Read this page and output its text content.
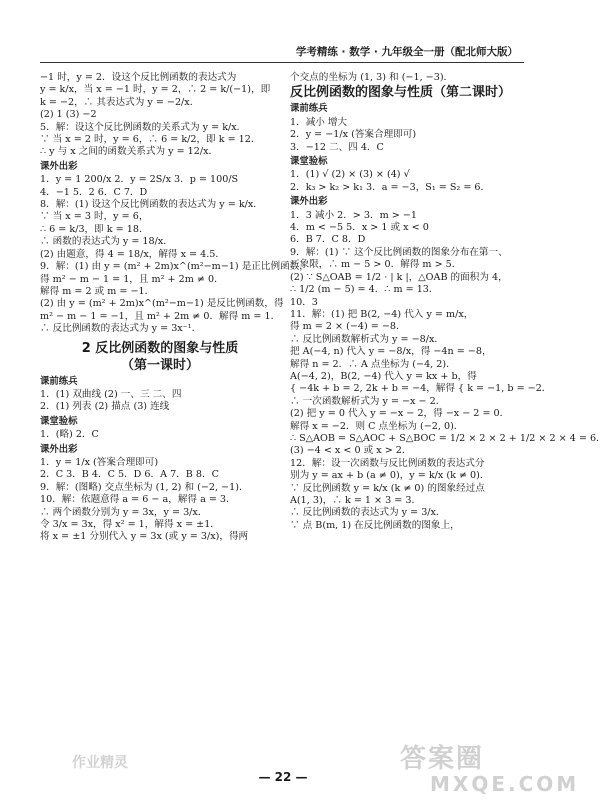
学考精练 · 数学 · 九年级全一册（配北师大版）
−1 时，y = 2．设这个反比例函数的表达式为
y = k/x，当 x = −1 时，y = 2，∴ 2 = k/(−1)，即
k = −2，∴ 其表达式为 y = −2/x．
(2) 1 (3) −2
5．解：设这个反比例函数的关系式为 y = k/x．
∵ 当 x = 2 时，y = 6，∴ 6 = k/2，即 k = 12．
∴ y 与 x 之间的函数关系式为 y = 12/x．
课外出彩
1．y = 1 200/x 2．y = 2S/x 3．p = 100/S
4．−1 5．2 6．C 7．D
8．解：(1) 设这个反比例函数的表达式为 y = k/x．
∵ 当 x = 3 时，y = 6，
∴ 6 = k/3，即 k = 18．
∴ 函数的表达式为 y = 18/x．
(2) 由题意，得 4 = 18/x，解得 x = 4.5．
9．解：(1) 由 y = (m² + 2m)x^(m²−m−1) 是正比例函数，
得 m² − m − 1 = 1，且 m² + 2m ≠ 0．
解得 m = 2 或 m = −1．
(2) 由 y = (m² + 2m)x^(m²−m−1) 是反比例函数，得
m² − m − 1 = −1，且 m² + 2m ≠ 0．解得 m = 1．
∴ 反比例函数的表达式为 y = 3x⁻¹．
2 反比例函数的图象与性质
（第一课时）
课前练兵
1．(1) 双曲线 (2) 一、三 二、四
2．(1) 列表 (2) 描点 (3) 连线
课堂验标
1．(略) 2．C
课外出彩
1．y = 1/x (答案合理即可)
2．C 3．B 4．C 5．D 6．A 7．B 8．C
9．解：(图略) 交点坐标为 (1, 2) 和 (−2, −1)．
10．解：依题意得 a = 6 − a，解得 a = 3．
∴ 两个函数分别为 y = 3x，y = 3/x．
令 3/x = 3x，得 x² = 1，解得 x = ±1．
将 x = ±1 分别代入 y = 3x (或 y = 3/x)，得两
个交点的坐标为 (1, 3) 和 (−1, −3)．
反比例函数的图象与性质（第二课时）
课前练兵
1．减小 增大
2．y = −1/x (答案合理即可)
3．−12 二、四 4．C
课堂验标
1．(1) √ (2) × (3) × (4) √
2．k₃ > k₂ > k₁ 3．a = −3，S₁ = S₂ = 6．
课外出彩
1．3 减小 2．> 3．m > −1
4．m < −5 5．x > 1 或 x < 0
6．B 7．C 8．D
9．解：(1) ∵ 这个反比例函数的图象分布在第一、
三象限，∴ m − 5 > 0．解得 m > 5．
(2) ∵ S△OAB = 1/2 · | k |，△OAB 的面积为 4，
∴ 1/2 (m − 5) = 4．∴ m = 13．
10．3
11．解：(1) 把 B(2, −4) 代入 y = m/x，
得 m = 2 × (−4) = −8．
∴ 反比例函数解析式为 y = −8/x．
把 A(−4, n) 代入 y = −8/x，得 −4n = −8，
解得 n = 2．∴ A 点坐标为 (−4, 2)．
A(−4, 2)，B(2, −4) 代入 y = kx + b，得
{ −4k + b = 2, 2k + b = −4，解得 { k = −1, b = −2．
∴ 一次函数解析式为 y = −x − 2．
(2) 把 y = 0 代入 y = −x − 2，得 −x − 2 = 0．
解得 x = −2．则 C 点坐标为 (−2, 0)．
∴ S△AOB = S△AOC + S△BOC = 1/2 × 2 × 2 + 1/2 × 2 × 4 = 6．
(3) −4 < x < 0 或 x > 2．
12．解：设一次函数与反比例函数的表达式分
别为 y = ax + b (a ≠ 0)，y = k/x (k ≠ 0)．
∵ 反比例函数 y = k/x (k ≠ 0) 的图象经过点
A(1, 3)，∴ k = 1 × 3 = 3．
∴ 反比例函数的表达式为 y = 3/x．
∵ 点 B(m, 1) 在反比例函数的图象上，
— 22 —
作业精灵	答案圈
MXQE.COM
